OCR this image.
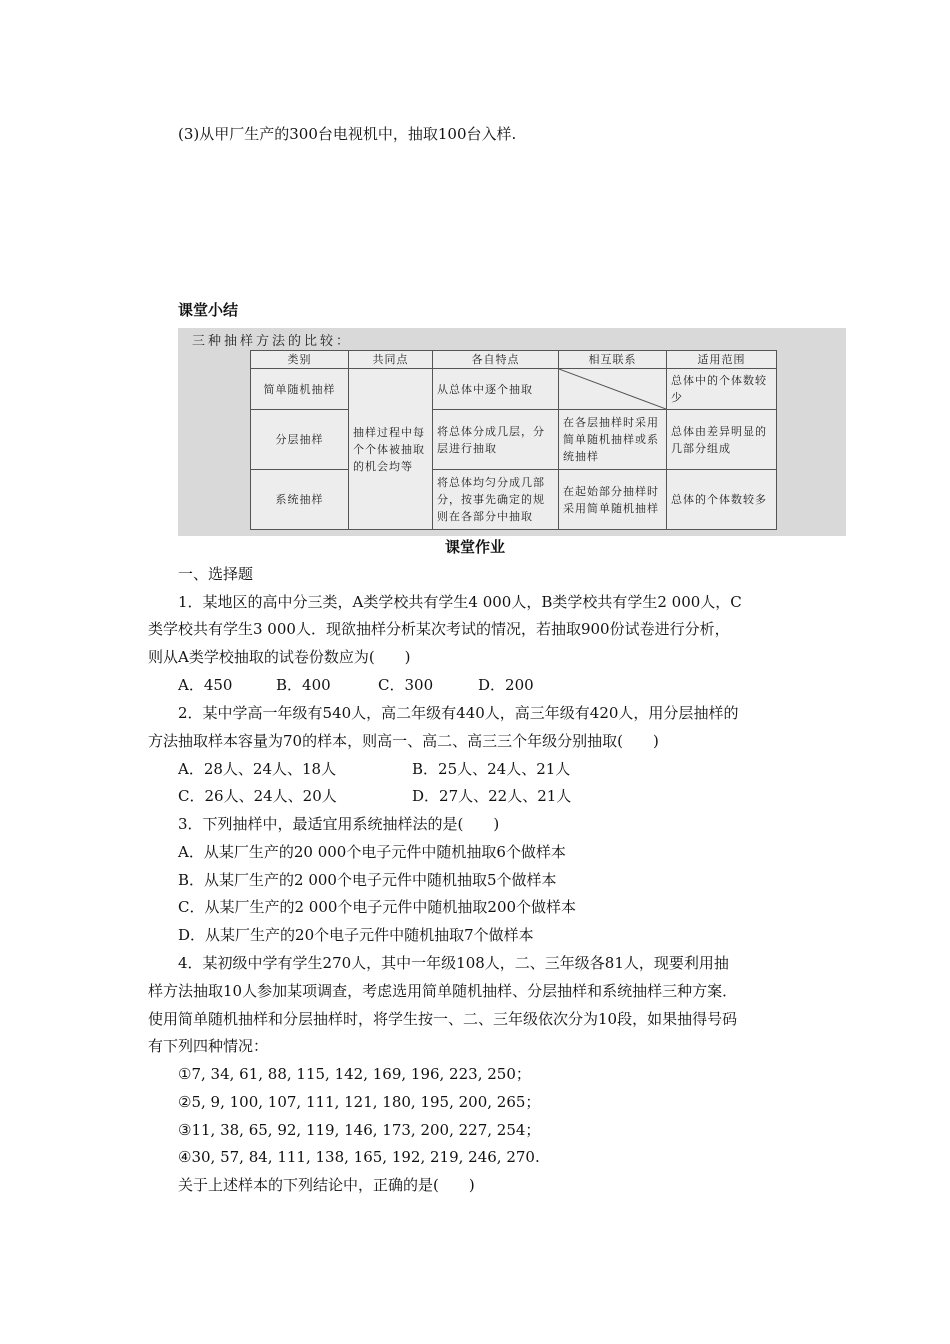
(3)从甲厂生产的300台电视机中，抽取100台入样.
课堂小结
三种抽样方法的比较：
类别	共同点	各自特点	相互联系	适用范围
简单随机抽样	抽样过程中每个个体被抽取的机会均等	从总体中逐个抽取		总体中的个体数较少
分层抽样		将总体分成几层，分层进行抽取	在各层抽样时采用简单随机抽样或系统抽样	总体由差异明显的几部分组成
系统抽样		将总体均匀分成几部分，按事先确定的规则在各部分中抽取	在起始部分抽样时采用简单随机抽样	总体的个体数较多
课堂作业
一、选择题
1．某地区的高中分三类，A类学校共有学生4 000人，B类学校共有学生2 000人，C
类学校共有学生3 000人．现欲抽样分析某次考试的情况，若抽取900份试卷进行分析，
则从A类学校抽取的试卷份数应为(　　)
A．450	B．400	C．300	D．200
2．某中学高一年级有540人，高二年级有440人，高三年级有420人，用分层抽样的
方法抽取样本容量为70的样本，则高一、高二、高三三个年级分别抽取(　　)
A．28人、24人、18人	B．25人、24人、21人
C．26人、24人、20人	D．27人、22人、21人
3．下列抽样中，最适宜用系统抽样法的是(　　)
A．从某厂生产的20 000个电子元件中随机抽取6个做样本
B．从某厂生产的2 000个电子元件中随机抽取5个做样本
C．从某厂生产的2 000个电子元件中随机抽取200个做样本
D．从某厂生产的20个电子元件中随机抽取7个做样本
4．某初级中学有学生270人，其中一年级108人，二、三年级各81人，现要利用抽
样方法抽取10人参加某项调查，考虑选用简单随机抽样、分层抽样和系统抽样三种方案．
使用简单随机抽样和分层抽样时，将学生按一、二、三年级依次分为10段，如果抽得号码
有下列四种情况：
①7, 34, 61, 88, 115, 142, 169, 196, 223, 250；
②5, 9, 100, 107, 111, 121, 180, 195, 200, 265；
③11, 38, 65, 92, 119, 146, 173, 200, 227, 254；
④30, 57, 84, 111, 138, 165, 192, 219, 246, 270.
关于上述样本的下列结论中，正确的是(　　)
